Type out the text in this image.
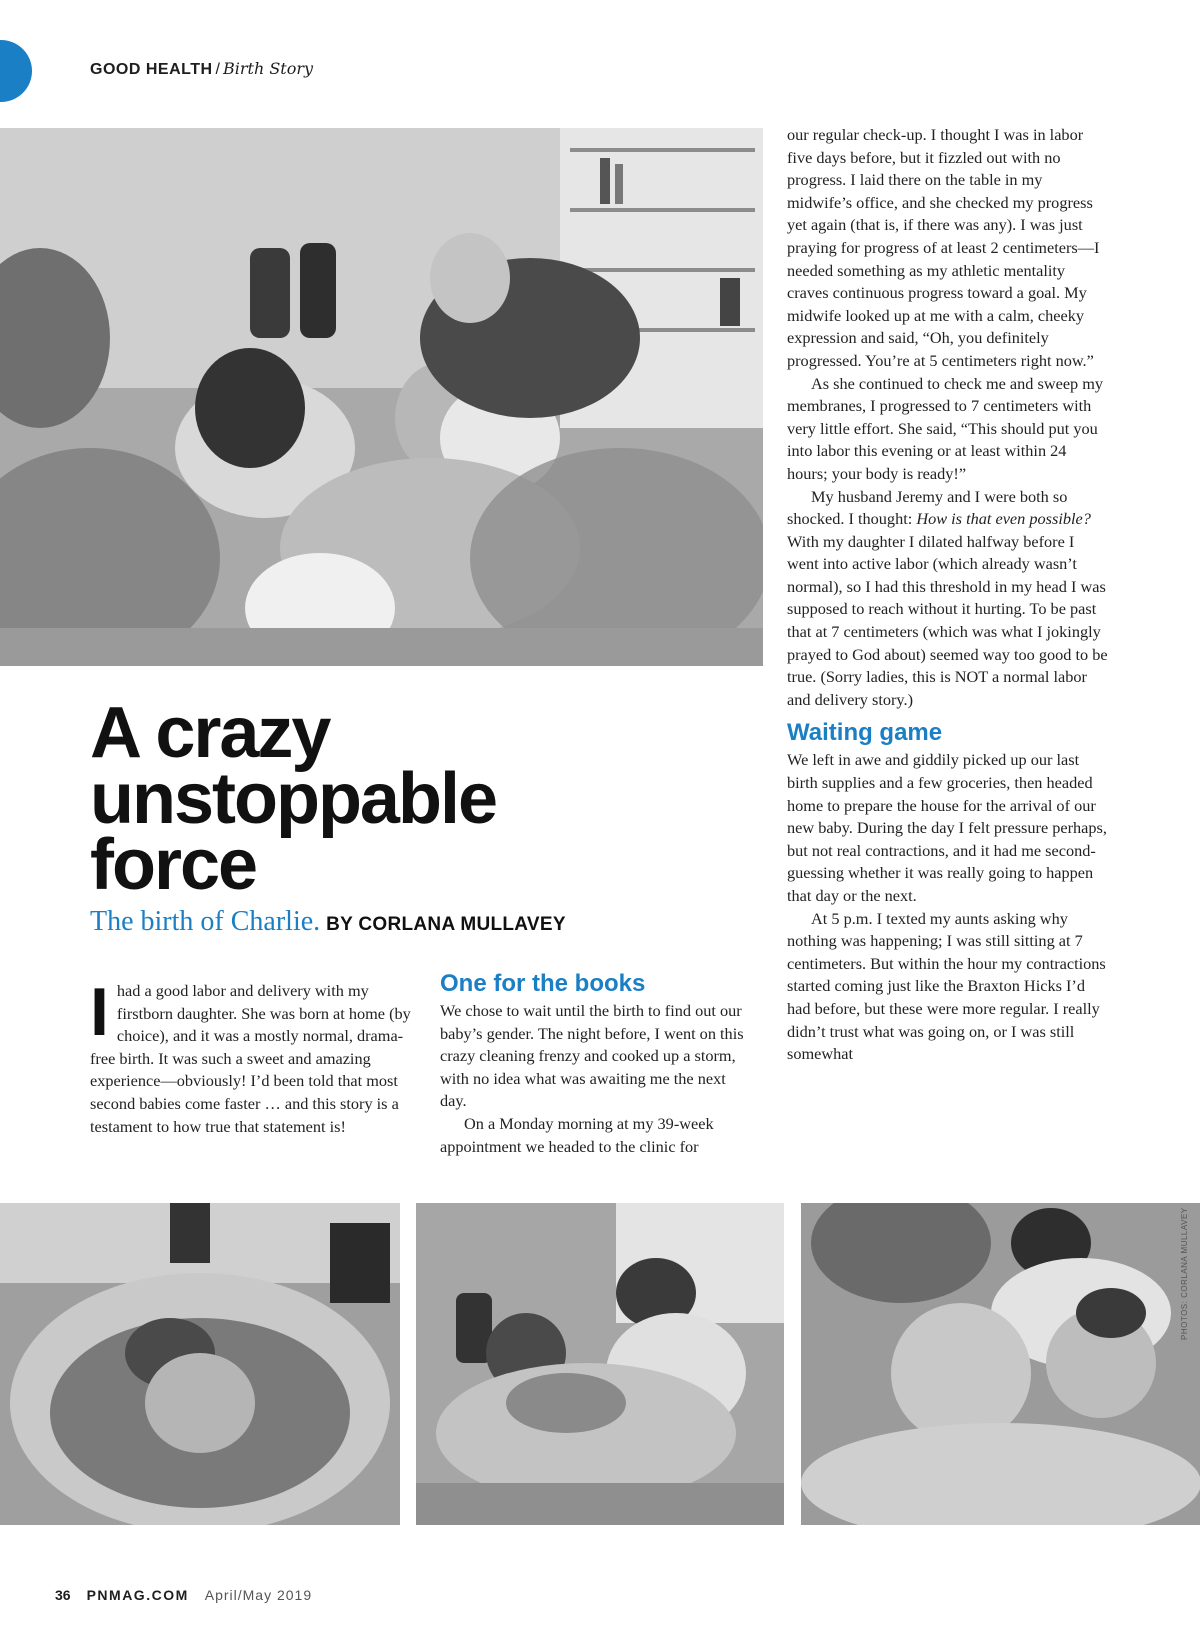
GOOD HEALTH / Birth Story
A crazy
unstoppable
force
The birth of Charlie. BY CORLANA MULLAVEY

Ihad a good labor and delivery with my firstborn daughter. She was born at home (by choice), and it was a mostly normal, drama-free birth. It was such a sweet and amazing experience—obviously! I’d been told that most second babies come faster … and this story is a testament to how true that statement is!

One for the books

We chose to wait until the birth to find out our baby’s gender. The night before, I went on this crazy cleaning frenzy and cooked up a storm, with no idea what was awaiting me the next day.

On a Monday morning at my 39-week appointment we headed to the clinic for

our regular check-up. I thought I was in labor five days before, but it fizzled out with no progress. I laid there on the table in my midwife’s office, and she checked my progress yet again (that is, if there was any). I was just praying for progress of at least 2 centimeters—I needed something as my athletic mentality craves continuous progress toward a goal. My midwife looked up at me with a calm, cheeky expression and said, “Oh, you definitely progressed. You’re at 5 centimeters right now.”

As she continued to check me and sweep my membranes, I progressed to 7 centimeters with very little effort. She said, “This should put you into labor this evening or at least within 24 hours; your body is ready!”

My husband Jeremy and I were both so shocked. I thought: How is that even possible? With my daughter I dilated halfway before I went into active labor (which already wasn’t normal), so I had this threshold in my head I was supposed to reach without it hurting. To be past that at 7 centimeters (which was what I jokingly prayed to God about) seemed way too good to be true. (Sorry ladies, this is NOT a normal labor and delivery story.)

Waiting game

We left in awe and giddily picked up our last birth supplies and a few groceries, then headed home to prepare the house for the arrival of our new baby. During the day I felt pressure perhaps, but not real contractions, and it had me second-guessing whether it was really going to happen that day or the next.

At 5 p.m. I texted my aunts asking why nothing was happening; I was still sitting at 7 centimeters. But within the hour my contractions started coming just like the Braxton Hicks I’d had before, but these were more regular. I really didn’t trust what was going on, or I was still somewhat

PHOTOS: CORLANA MULLAVEY
36 PNMAG.COM April/May 2019
